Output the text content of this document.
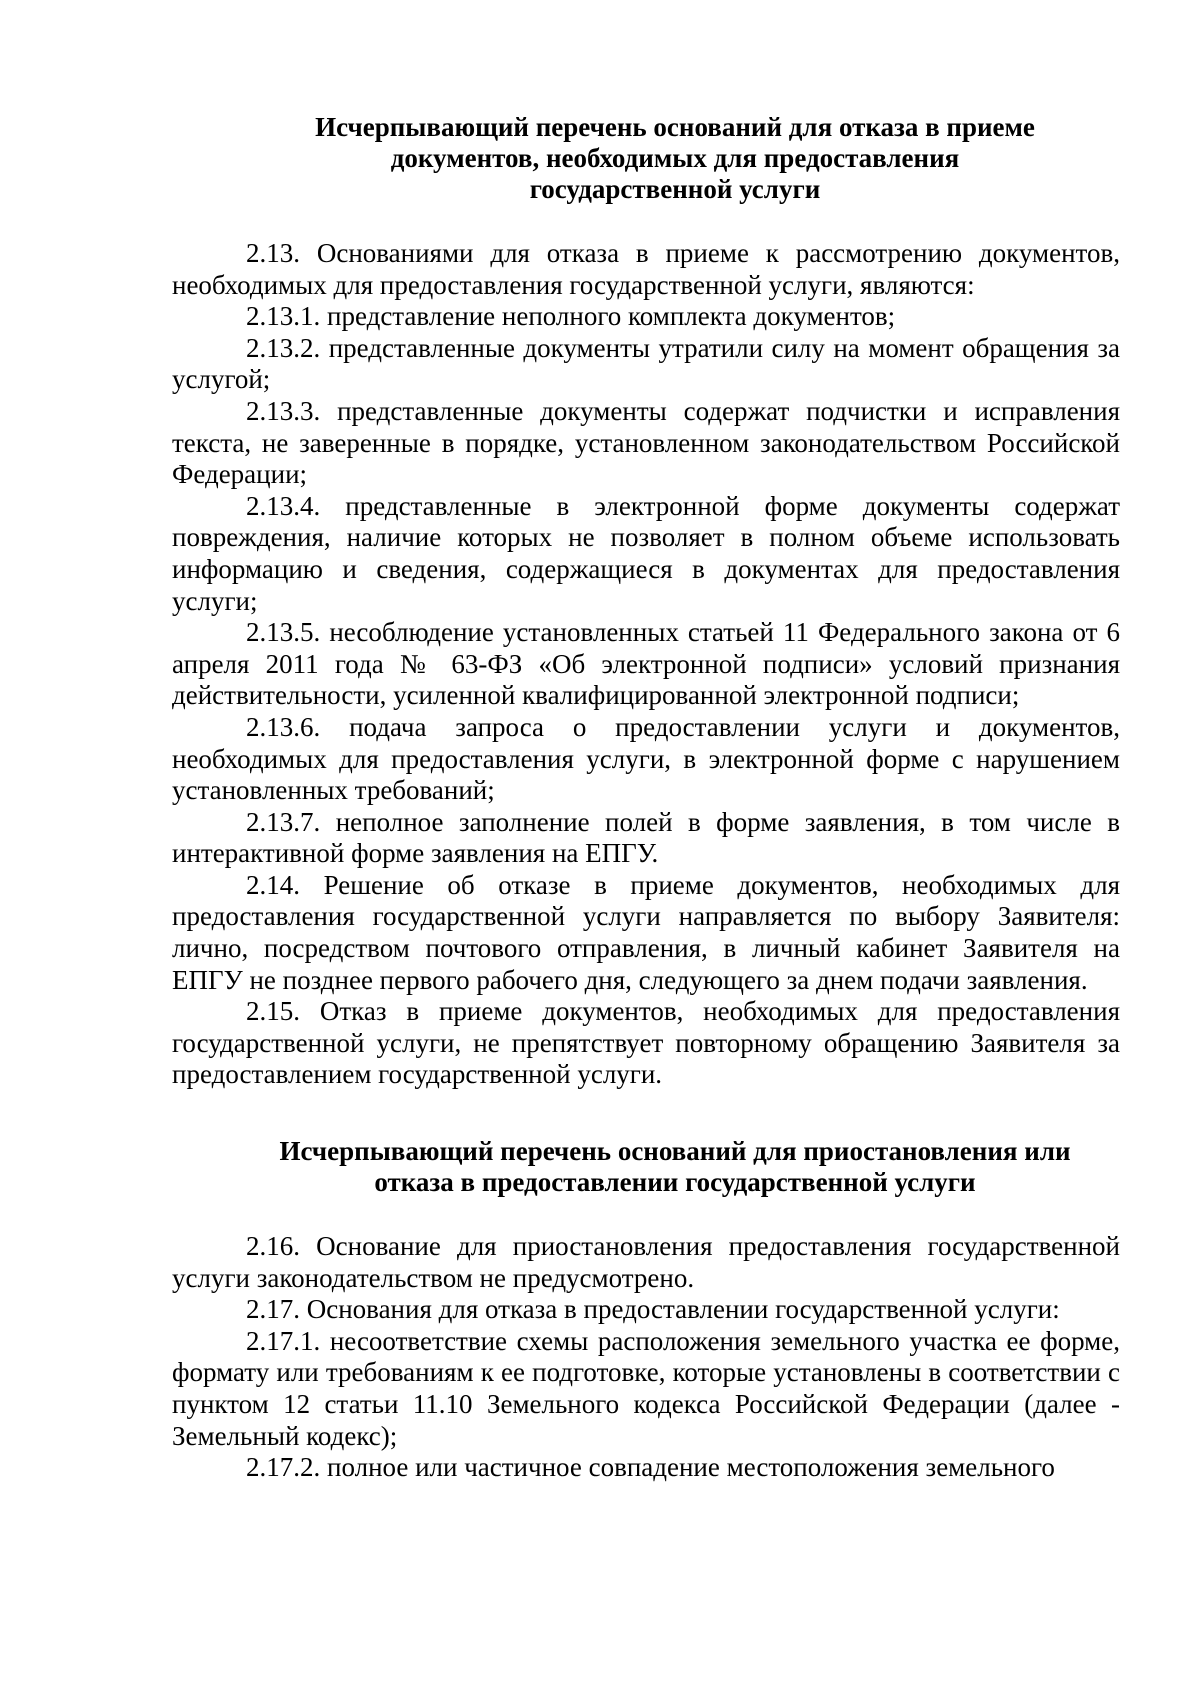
Исчерпывающий перечень оснований для отказа в приеме
документов, необходимых для предоставления
государственной услуги

2.13. Основаниями для отказа в приеме к рассмотрению документов, необходимых для предоставления государственной услуги, являются:

2.13.1. представление неполного комплекта документов;

2.13.2. представленные документы утратили силу на момент обращения за услугой;

2.13.3. представленные документы содержат подчистки и исправления текста, не заверенные в порядке, установленном законодательством Российской Федерации;

2.13.4. представленные в электронной форме документы содержат повреждения, наличие которых не позволяет в полном объеме использовать информацию и сведения, содержащиеся в документах для предоставления услуги;

2.13.5. несоблюдение установленных статьей 11 Федерального закона от 6 апреля 2011 года № 63-ФЗ «Об электронной подписи» условий признания действительности, усиленной квалифицированной электронной подписи;

2.13.6. подача запроса о предоставлении услуги и документов, необходимых для предоставления услуги, в электронной форме с нарушением установленных требований;

2.13.7. неполное заполнение полей в форме заявления, в том числе в интерактивной форме заявления на ЕПГУ.

2.14. Решение об отказе в приеме документов, необходимых для предоставления государственной услуги направляется по выбору Заявителя: лично, посредством почтового отправления, в личный кабинет Заявителя на ЕПГУ не позднее первого рабочего дня, следующего за днем подачи заявления.

2.15. Отказ в приеме документов, необходимых для предоставления государственной услуги, не препятствует повторному обращению Заявителя за предоставлением государственной услуги.

Исчерпывающий перечень оснований для приостановления или
отказа в предоставлении государственной услуги

2.16. Основание для приостановления предоставления государственной услуги законодательством не предусмотрено.

2.17. Основания для отказа в предоставлении государственной услуги:

2.17.1. несоответствие схемы расположения земельного участка ее форме, формату или требованиям к ее подготовке, которые установлены в соответствии с пунктом 12 статьи 11.10 Земельного кодекса Российской Федерации (далее - Земельный кодекс);

2.17.2. полное или частичное совпадение местоположения земельного
